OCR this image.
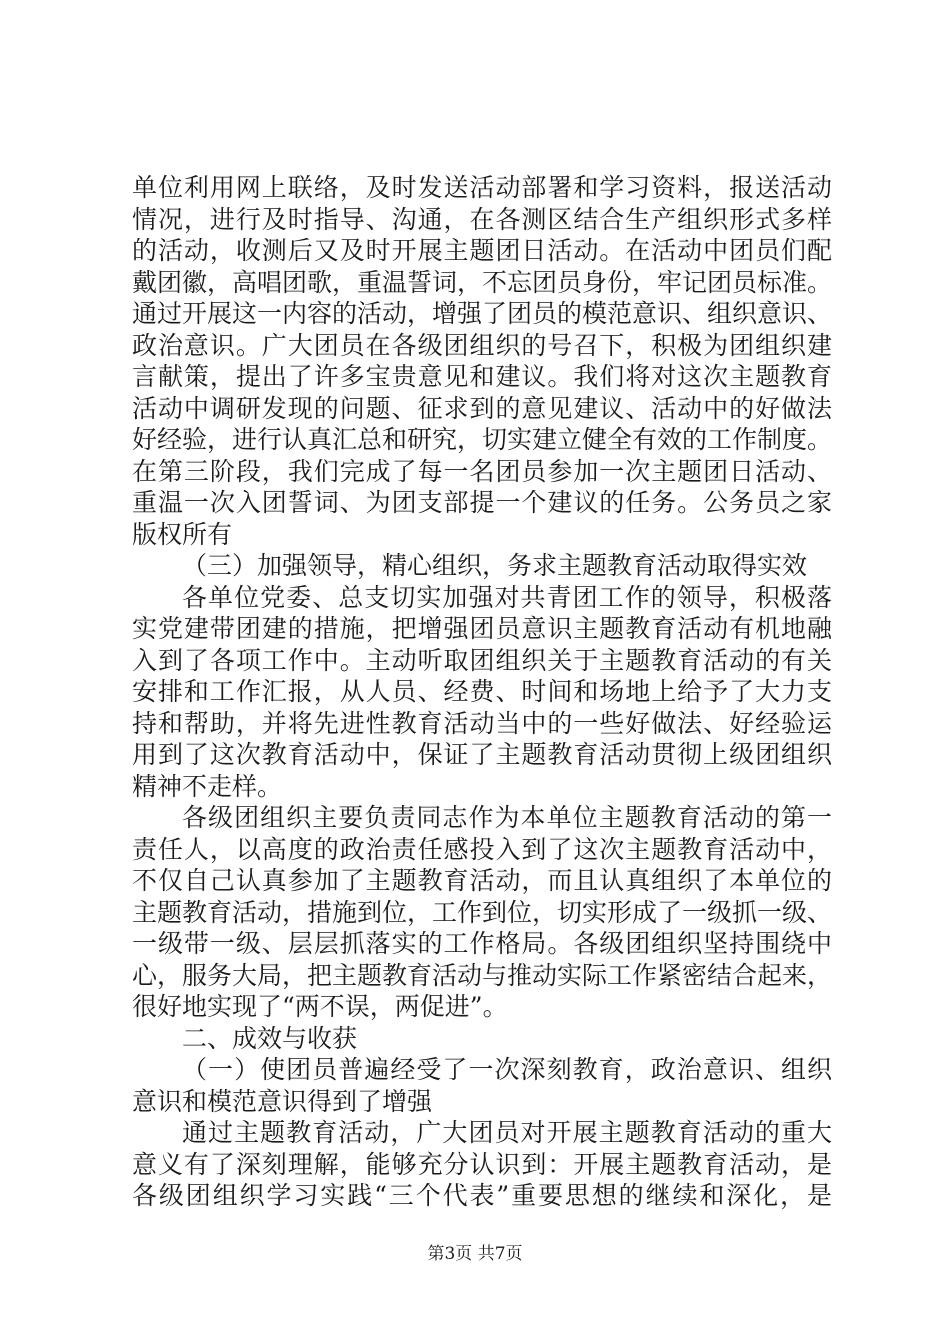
单位利用网上联络，及时发送活动部署和学习资料，报送活动
情况，进行及时指导、沟通，在各测区结合生产组织形式多样
的活动，收测后又及时开展主题团日活动。在活动中团员们配
戴团徽，高唱团歌，重温誓词，不忘团员身份，牢记团员标准。
通过开展这一内容的活动，增强了团员的模范意识、组织意识、
政治意识。广大团员在各级团组织的号召下，积极为团组织建
言献策，提出了许多宝贵意见和建议。我们将对这次主题教育
活动中调研发现的问题、征求到的意见建议、活动中的好做法
好经验，进行认真汇总和研究，切实建立健全有效的工作制度。
在第三阶段，我们完成了每一名团员参加一次主题团日活动、
重温一次入团誓词、为团支部提一个建议的任务。公务员之家
版权所有
（三）加强领导，精心组织，务求主题教育活动取得实效
各单位党委、总支切实加强对共青团工作的领导，积极落
实党建带团建的措施，把增强团员意识主题教育活动有机地融
入到了各项工作中。主动听取团组织关于主题教育活动的有关
安排和工作汇报，从人员、经费、时间和场地上给予了大力支
持和帮助，并将先进性教育活动当中的一些好做法、好经验运
用到了这次教育活动中，保证了主题教育活动贯彻上级团组织
精神不走样。
各级团组织主要负责同志作为本单位主题教育活动的第一
责任人，以高度的政治责任感投入到了这次主题教育活动中，
不仅自己认真参加了主题教育活动，而且认真组织了本单位的
主题教育活动，措施到位，工作到位，切实形成了一级抓一级、
一级带一级、层层抓落实的工作格局。各级团组织坚持围绕中
心，服务大局，把主题教育活动与推动实际工作紧密结合起来，
很好地实现了“两不误，两促进”。
二、成效与收获
（一）使团员普遍经受了一次深刻教育，政治意识、组织
意识和模范意识得到了增强
通过主题教育活动，广大团员对开展主题教育活动的重大
意义有了深刻理解，能够充分认识到：开展主题教育活动，是
各级团组织学习实践“三个代表”重要思想的继续和深化，是
第3页 共7页
